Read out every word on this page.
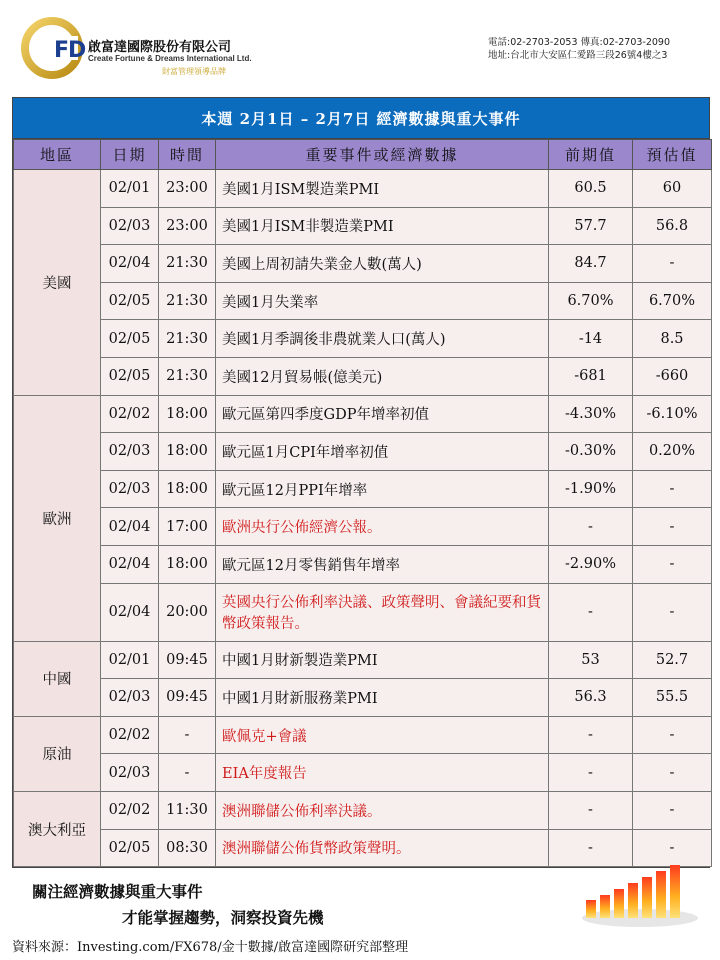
FD 啟富達國際股份有限公司
Create Fortune & Dreams International Ltd.
財富管理領導品牌
電話:02-2703-2053 傳真:02-2703-2090
地址:台北市大安區仁愛路三段26號4樓之3
本週 2月1日 – 2月7日 經濟數據與重大事件
地區	日期	時間	重要事件或經濟數據	前期值	預估值
美國	02/01	23:00	美國1月ISM製造業PMI	60.5	60
	02/03	23:00	美國1月ISM非製造業PMI	57.7	56.8
	02/04	21:30	美國上周初請失業金人數(萬人)	84.7	-
	02/05	21:30	美國1月失業率	6.70%	6.70%
	02/05	21:30	美國1月季調後非農就業人口(萬人)	-14	8.5
	02/05	21:30	美國12月貿易帳(億美元)	-681	-660
歐洲	02/02	18:00	歐元區第四季度GDP年增率初值	-4.30%	-6.10%
	02/03	18:00	歐元區1月CPI年增率初值	-0.30%	0.20%
	02/03	18:00	歐元區12月PPI年增率	-1.90%	-
	02/04	17:00	歐洲央行公佈經濟公報。	-	-
	02/04	18:00	歐元區12月零售銷售年增率	-2.90%	-
	02/04	20:00	英國央行公佈利率決議、政策聲明、會議紀要和貨幣政策報告。	-	-
中國	02/01	09:45	中國1月財新製造業PMI	53	52.7
	02/03	09:45	中國1月財新服務業PMI	56.3	55.5
原油	02/02	-	歐佩克+會議	-	-
	02/03	-	EIA年度報告	-	-
澳大利亞	02/02	11:30	澳洲聯儲公佈利率決議。	-	-
	02/05	08:30	澳洲聯儲公佈貨幣政策聲明。	-	-
關注經濟數據與重大事件
才能掌握趨勢，洞察投資先機
資料來源：Investing.com/FX678/金十數據/啟富達國際研究部整理
